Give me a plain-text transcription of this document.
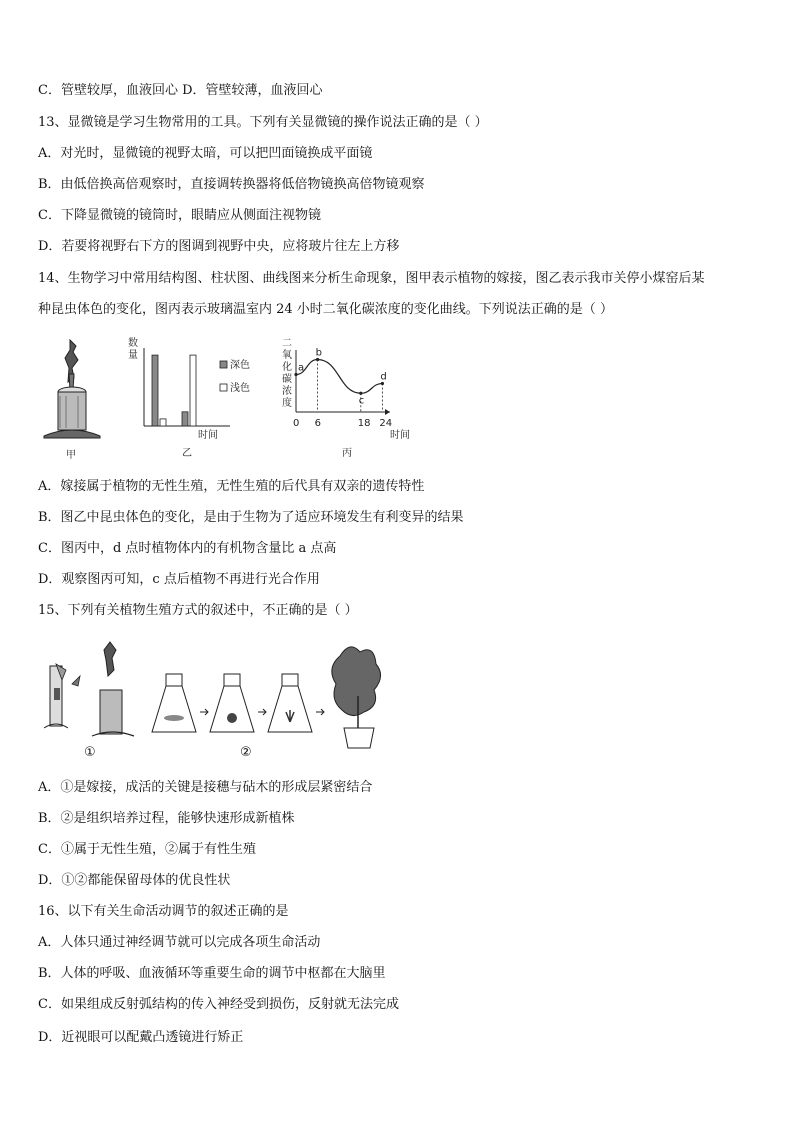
C．管壁较厚，血液回心 D．管壁较薄，血液回心
13、显微镜是学习生物常用的工具。下列有关显微镜的操作说法正确的是（ ）
A．对光时，显微镜的视野太暗，可以把凹面镜换成平面镜
B．由低倍换高倍观察时，直接调转换器将低倍物镜换高倍物镜观察
C．下降显微镜的镜筒时，眼睛应从侧面注视物镜
D．若要将视野右下方的图调到视野中央，应将玻片往左上方移
14、生物学习中常用结构图、柱状图、曲线图来分析生命现象，图甲表示植物的嫁接，图乙表示我市关停小煤窑后某
种昆虫体色的变化，图丙表示玻璃温室内 24 小时二氧化碳浓度的变化曲线。下列说法正确的是（ ）
甲
数
量
深色
浅色
时间
乙
二
氧
化
碳
浓
度
a
0
b
6
c
18
d
24
时间
丙
A．嫁接属于植物的无性生殖，无性生殖的后代具有双亲的遗传特性
B．图乙中昆虫体色的变化，是由于生物为了适应环境发生有利变异的结果
C．图丙中，d 点时植物体内的有机物含量比 a 点高
D．观察图丙可知，c 点后植物不再进行光合作用
15、下列有关植物生殖方式的叙述中，不正确的是（ ）
①	②
A．①是嫁接，成活的关键是接穗与砧木的形成层紧密结合
B．②是组织培养过程，能够快速形成新植株
C．①属于无性生殖，②属于有性生殖
D．①②都能保留母体的优良性状
16、以下有关生命活动调节的叙述正确的是
A．人体只通过神经调节就可以完成各项生命活动
B．人体的呼吸、血液循环等重要生命的调节中枢都在大脑里
C．如果组成反射弧结构的传入神经受到损伤，反射就无法完成
D．近视眼可以配戴凸透镜进行矫正
